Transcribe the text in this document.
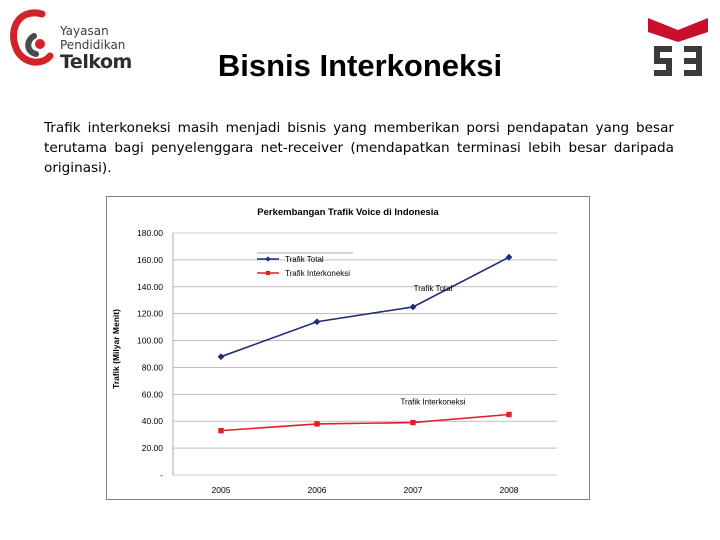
Yayasan
Pendidikan
Telkom	Bisnis Interkoneksi

Trafik interkoneksi masih menjadi bisnis yang memberikan porsi pendapatan yang besar terutama bagi penyelenggara net-receiver (mendapatkan terminasi lebih besar daripada originasi).

Perkembangan Trafik Voice di Indonesia
-
20.00
40.00
60.00
80.00
100.00
120.00
140.00
160.00
180.00
2005	2006	2007	2008
Trafik Total
Trafik Interkoneksi
Trafik Total
Trafik Interkoneksi
Trafik (Milyar Menit)
